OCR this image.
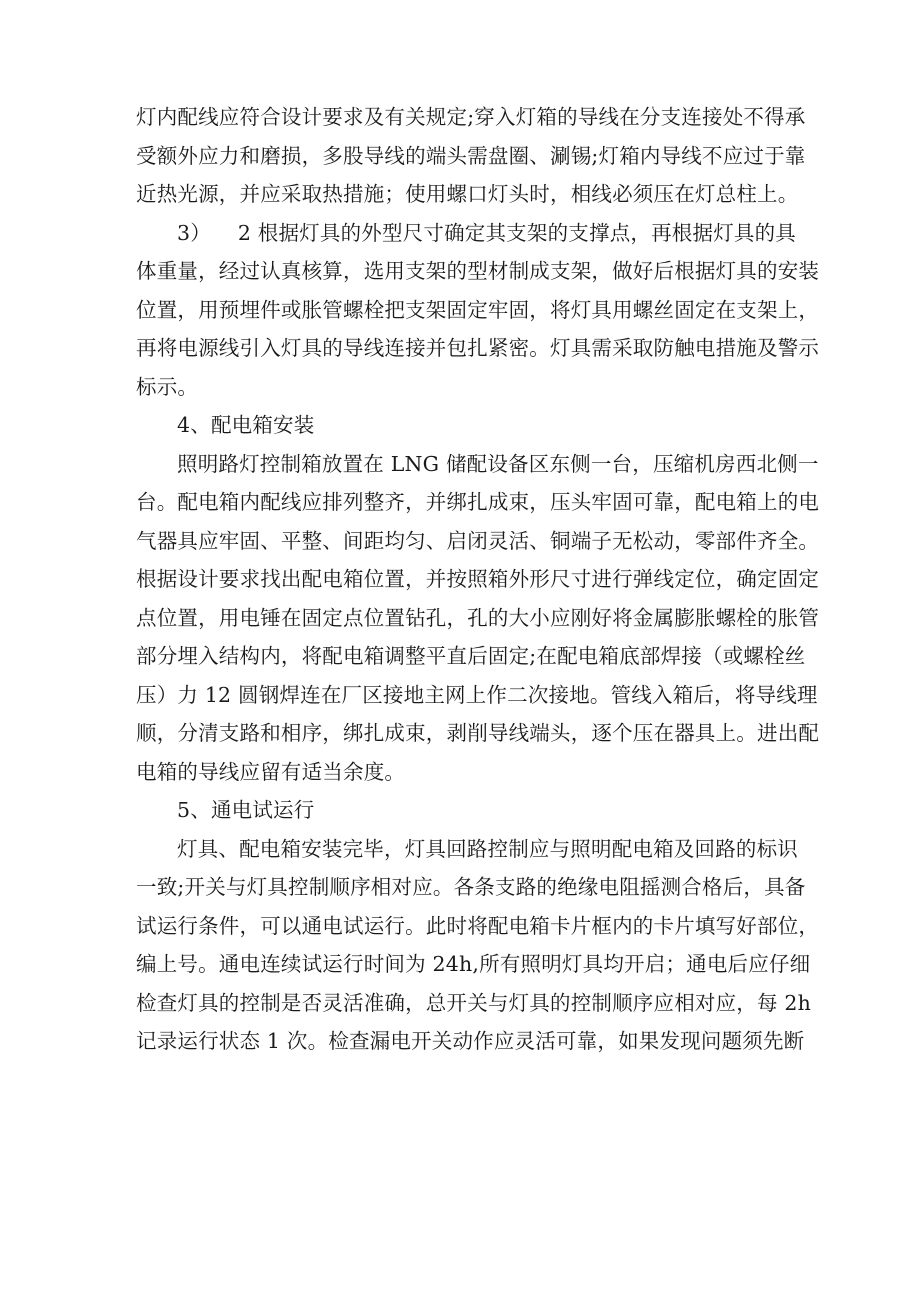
灯内配线应符合设计要求及有关规定;穿入灯箱的导线在分支连接处不得承
受额外应力和磨损，多股导线的端头需盘圈、涮锡;灯箱内导线不应过于靠
近热光源，并应采取热措施；使用螺口灯头时，相线必须压在灯总柱上。
3）    2 根据灯具的外型尺寸确定其支架的支撑点，再根据灯具的具
体重量，经过认真核算，选用支架的型材制成支架，做好后根据灯具的安装
位置，用预埋件或胀管螺栓把支架固定牢固，将灯具用螺丝固定在支架上，
再将电源线引入灯具的导线连接并包扎紧密。灯具需采取防触电措施及警示
标示。
4、配电箱安装
照明路灯控制箱放置在 LNG 储配设备区东侧一台，压缩机房西北侧一
台。配电箱内配线应排列整齐，并绑扎成束，压头牢固可靠，配电箱上的电
气器具应牢固、平整、间距均匀、启闭灵活、铜端子无松动，零部件齐全。
根据设计要求找出配电箱位置，并按照箱外形尺寸进行弹线定位，确定固定
点位置，用电锤在固定点位置钻孔，孔的大小应刚好将金属膨胀螺栓的胀管
部分埋入结构内，将配电箱调整平直后固定;在配电箱底部焊接（或螺栓丝
压）力 12 圆钢焊连在厂区接地主网上作二次接地。管线入箱后，将导线理
顺，分清支路和相序，绑扎成束，剥削导线端头，逐个压在器具上。进出配
电箱的导线应留有适当余度。
5、通电试运行
灯具、配电箱安装完毕，灯具回路控制应与照明配电箱及回路的标识
一致;开关与灯具控制顺序相对应。各条支路的绝缘电阻摇测合格后，具备
试运行条件，可以通电试运行。此时将配电箱卡片框内的卡片填写好部位，
编上号。通电连续试运行时间为 24h,所有照明灯具均开启；通电后应仔细
检查灯具的控制是否灵活准确，总开关与灯具的控制顺序应相对应，每 2h
记录运行状态 1 次。检查漏电开关动作应灵活可靠，如果发现问题须先断
